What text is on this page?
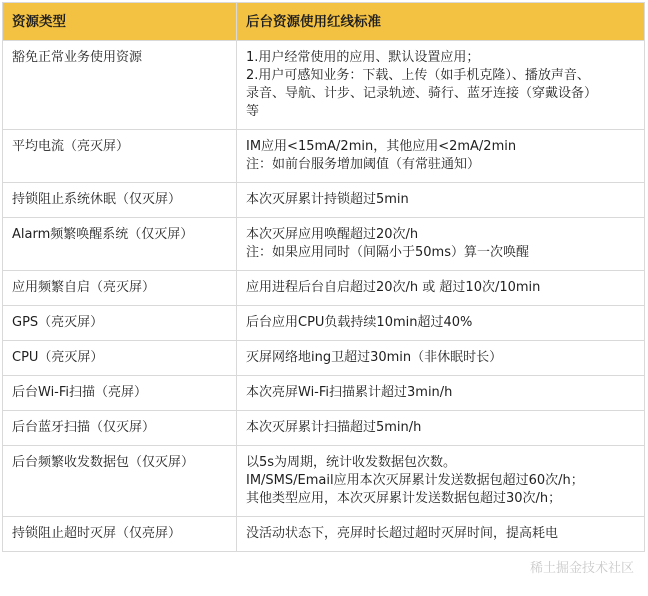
资源类型	后台资源使用红线标准
豁免正常业务使用资源	1.用户经常使用的应用、默认设置应用；
2.用户可感知业务：下载、上传（如手机克隆）、播放声音、
录音、导航、计步、记录轨迹、骑行、蓝牙连接（穿戴设备）
等

平均电流（亮灭屏）	IM应用<15mA/2min，其他应用<2mA/2min
注：如前台服务增加阈值（有常驻通知）

持锁阻止系统休眠（仅灭屏）	本次灭屏累计持锁超过5min

Alarm频繁唤醒系统（仅灭屏）	本次灭屏应用唤醒超过20次/h
注：如果应用同时（间隔小于50ms）算一次唤醒

应用频繁自启（亮灭屏）	应用进程后台自启超过20次/h 或 超过10次/10min

GPS（亮灭屏）	后台应用CPU负载持续10min超过40%

CPU（亮灭屏）	灭屏网络地ing卫超过30min（非休眠时长）

后台Wi-Fi扫描（亮屏）	本次亮屏Wi-Fi扫描累计超过3min/h

后台蓝牙扫描（仅灭屏）	本次灭屏累计扫描超过5min/h

后台频繁收发数据包（仅灭屏）	以5s为周期，统计收发数据包次数。
IM/SMS/Email应用本次灭屏累计发送数据包超过60次/h；
其他类型应用，本次灭屏累计发送数据包超过30次/h；

持锁阻止超时灭屏（仅亮屏）	没活动状态下，亮屏时长超过超时灭屏时间，提高耗电
稀土掘金技术社区
